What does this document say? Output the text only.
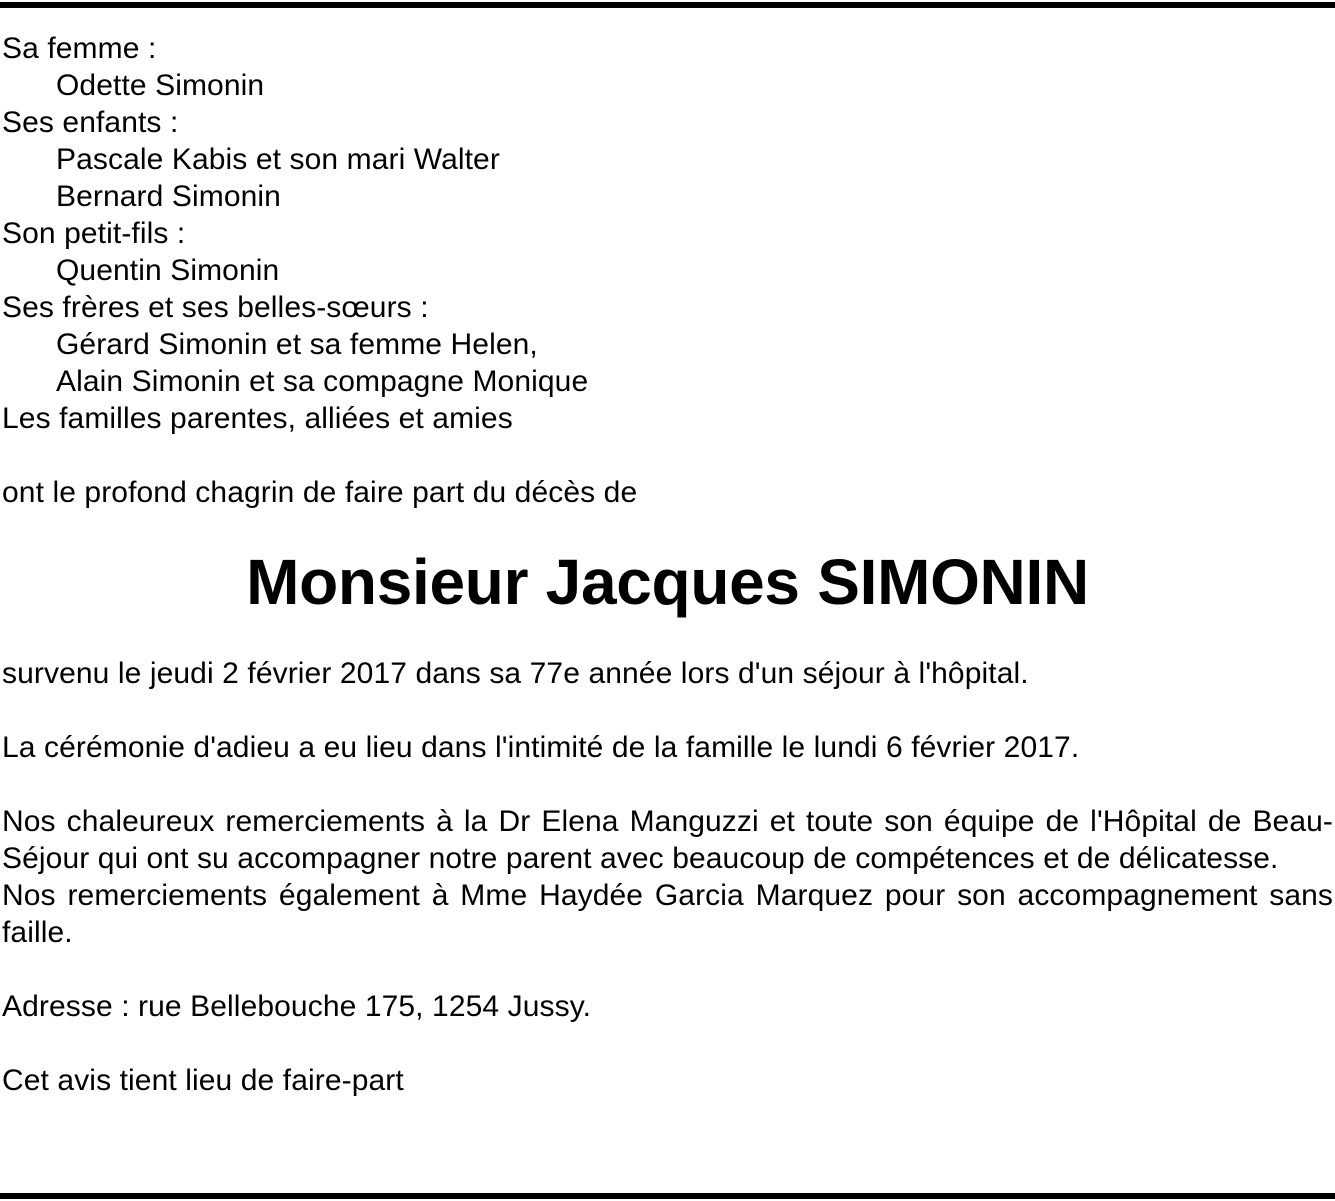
Sa femme :
Odette Simonin
Ses enfants :
Pascale Kabis et son mari Walter
Bernard Simonin
Son petit-fils :
Quentin Simonin
Ses frères et ses belles-sœurs :
Gérard Simonin et sa femme Helen,
Alain Simonin et sa compagne Monique
Les familles parentes, alliées et amies
ont le profond chagrin de faire part du décès de
Monsieur Jacques SIMONIN
survenu le jeudi 2 février 2017 dans sa 77e année lors d'un séjour à l'hôpital.
La cérémonie d'adieu a eu lieu dans l'intimité de la famille le lundi 6 février 2017.
Nos chaleureux remerciements à la Dr Elena Manguzzi et toute son équipe de l'Hôpital de Beau-Séjour qui ont su accompagner notre parent avec beaucoup de compétences et de délicatesse.
Nos remerciements également à Mme Haydée Garcia Marquez pour son accompagnement sans faille.
Adresse : rue Bellebouche 175, 1254 Jussy.
Cet avis tient lieu de faire-part
